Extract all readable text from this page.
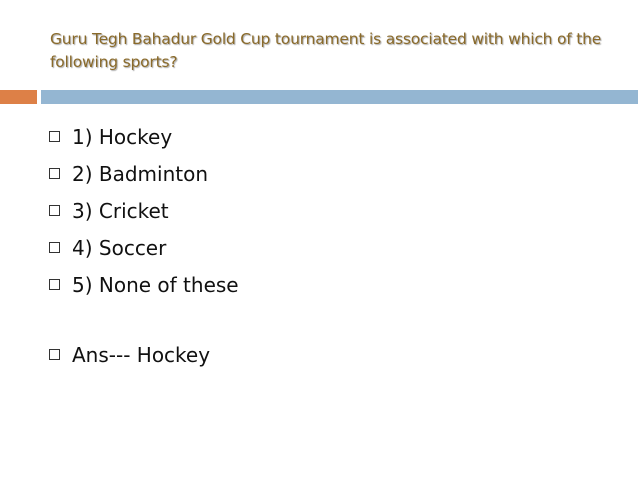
Guru Tegh Bahadur Gold Cup tournament is associated with which of the following sports?
1) Hockey
2) Badminton
3) Cricket
4) Soccer
5) None of these
Ans--- Hockey
